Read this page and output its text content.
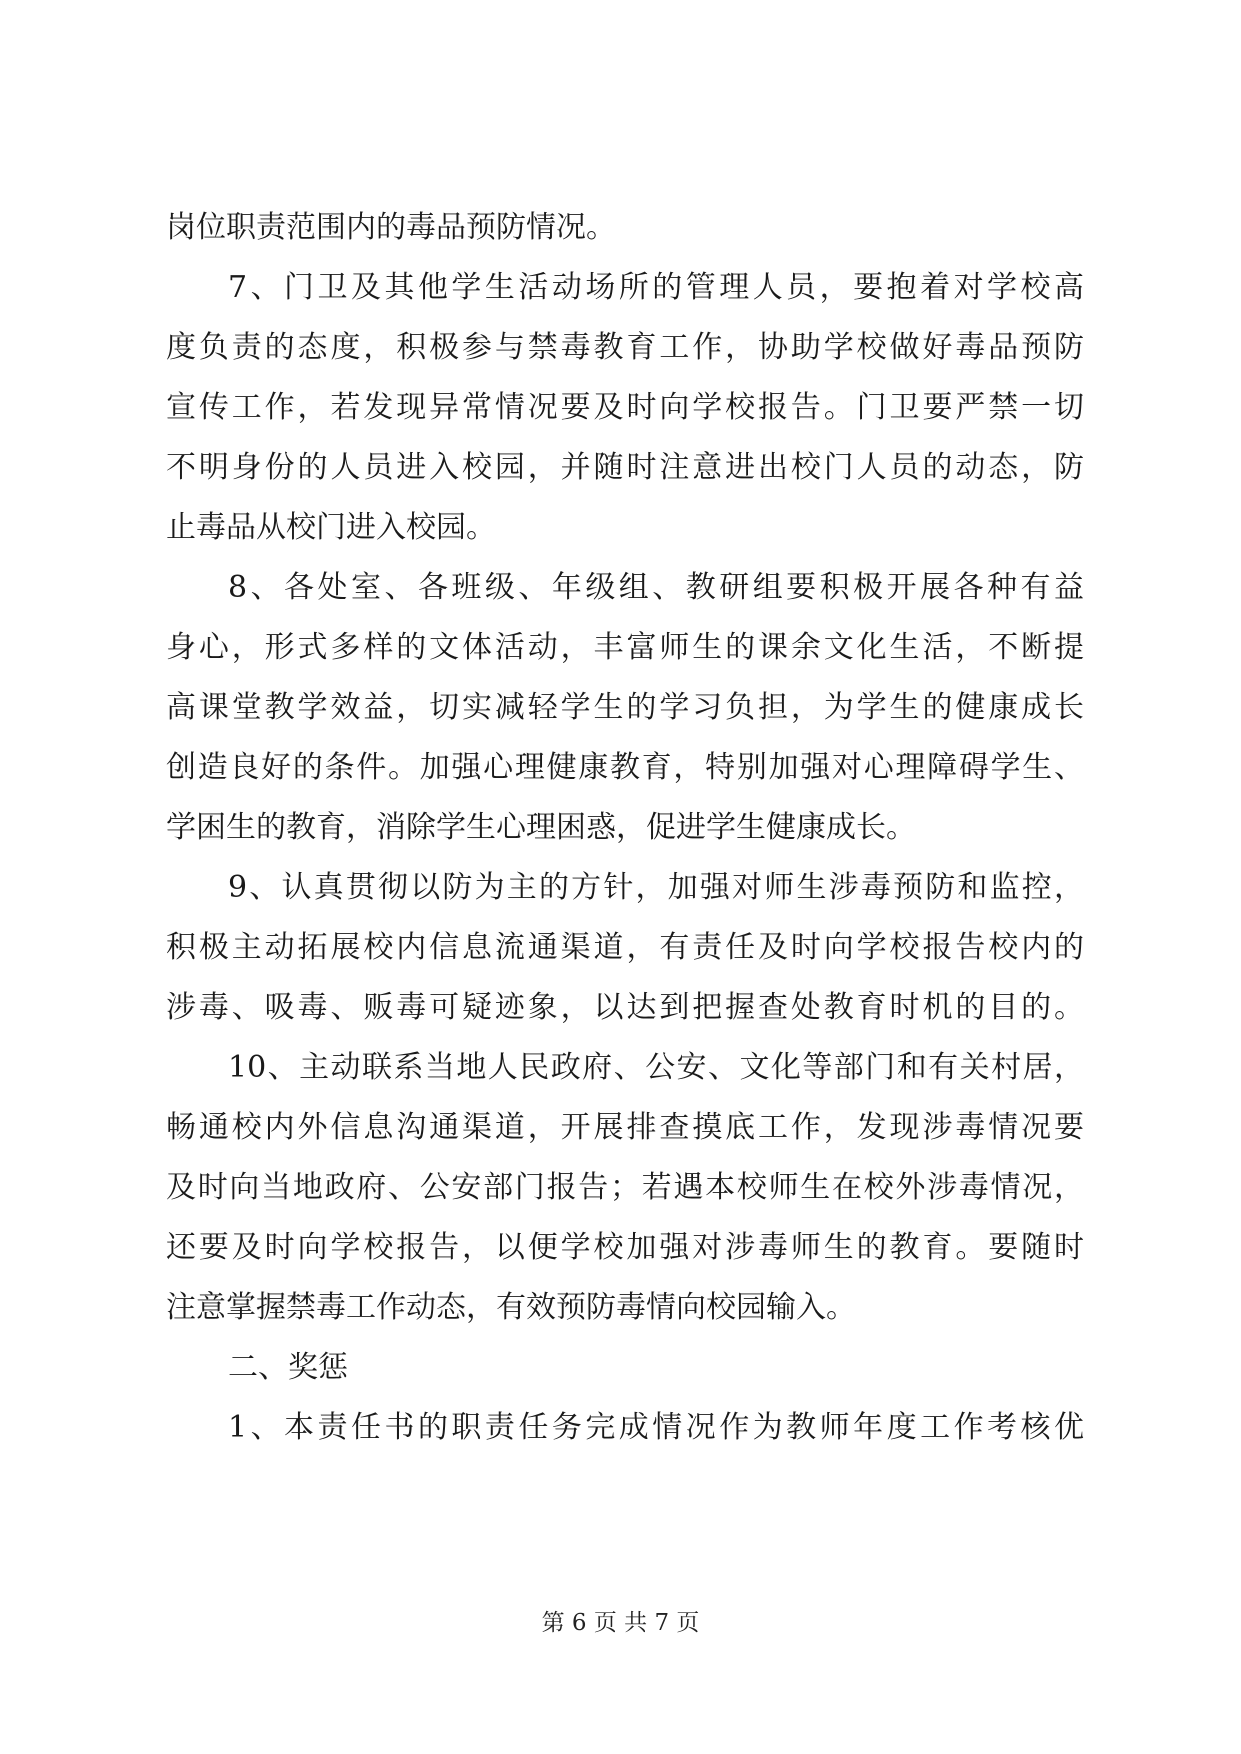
岗位职责范围内的毒品预防情况。
7、门卫及其他学生活动场所的管理人员，要抱着对学校高
度负责的态度，积极参与禁毒教育工作，协助学校做好毒品预防
宣传工作，若发现异常情况要及时向学校报告。门卫要严禁一切
不明身份的人员进入校园，并随时注意进出校门人员的动态，防
止毒品从校门进入校园。
8、各处室、各班级、年级组、教研组要积极开展各种有益
身心，形式多样的文体活动，丰富师生的课余文化生活，不断提
高课堂教学效益，切实减轻学生的学习负担，为学生的健康成长
创造良好的条件。加强心理健康教育，特别加强对心理障碍学生、
学困生的教育，消除学生心理困惑，促进学生健康成长。
9、认真贯彻以防为主的方针，加强对师生涉毒预防和监控，
积极主动拓展校内信息流通渠道，有责任及时向学校报告校内的
涉毒、吸毒、贩毒可疑迹象，以达到把握查处教育时机的目的。
10、主动联系当地人民政府、公安、文化等部门和有关村居，
畅通校内外信息沟通渠道，开展排查摸底工作，发现涉毒情况要
及时向当地政府、公安部门报告；若遇本校师生在校外涉毒情况，
还要及时向学校报告，以便学校加强对涉毒师生的教育。要随时
注意掌握禁毒工作动态，有效预防毒情向校园输入。
二、奖惩
1、本责任书的职责任务完成情况作为教师年度工作考核优
第 6 页 共 7 页
